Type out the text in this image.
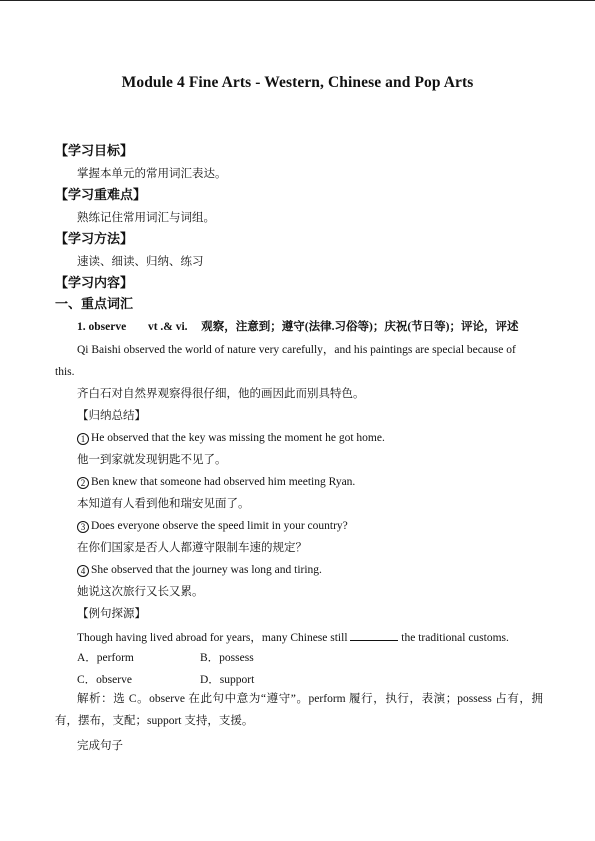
Module 4 Fine Arts - Western, Chinese and Pop Arts
【学习目标】
掌握本单元的常用词汇表达。
【学习重难点】
熟练记住常用词汇与词组。
【学习方法】
速读、细读、归纳、练习
【学习内容】
一、重点词汇
1. observe vt .& vi. 观察，注意到；遵守(法律.习俗等)；庆祝(节日等)；评论，评述
Qi Baishi observed the world of nature very carefully，and his paintings are special because of
this.
齐白石对自然界观察得很仔细，他的画因此而别具特色。
【归纳总结】
1 He observed that the key was missing the moment he got home.
他一到家就发现钥匙不见了。
2 Ben knew that someone had observed him meeting Ryan.
本知道有人看到他和瑞安见面了。
3 Does everyone observe the speed limit in your country?
在你们国家是否人人都遵守限制车速的规定？
4 She observed that the journey was long and tiring.
她说这次旅行又长又累。
【例句探源】
Though having lived abroad for years，many Chinese still	the traditional customs.
A．perform	B．possess
C．observe	D．support
解析：选 C。observe 在此句中意为“遵守”。perform 履行，执行，表演；possess 占有，拥有，摆布，支配；support 支持，支援。
完成句子
